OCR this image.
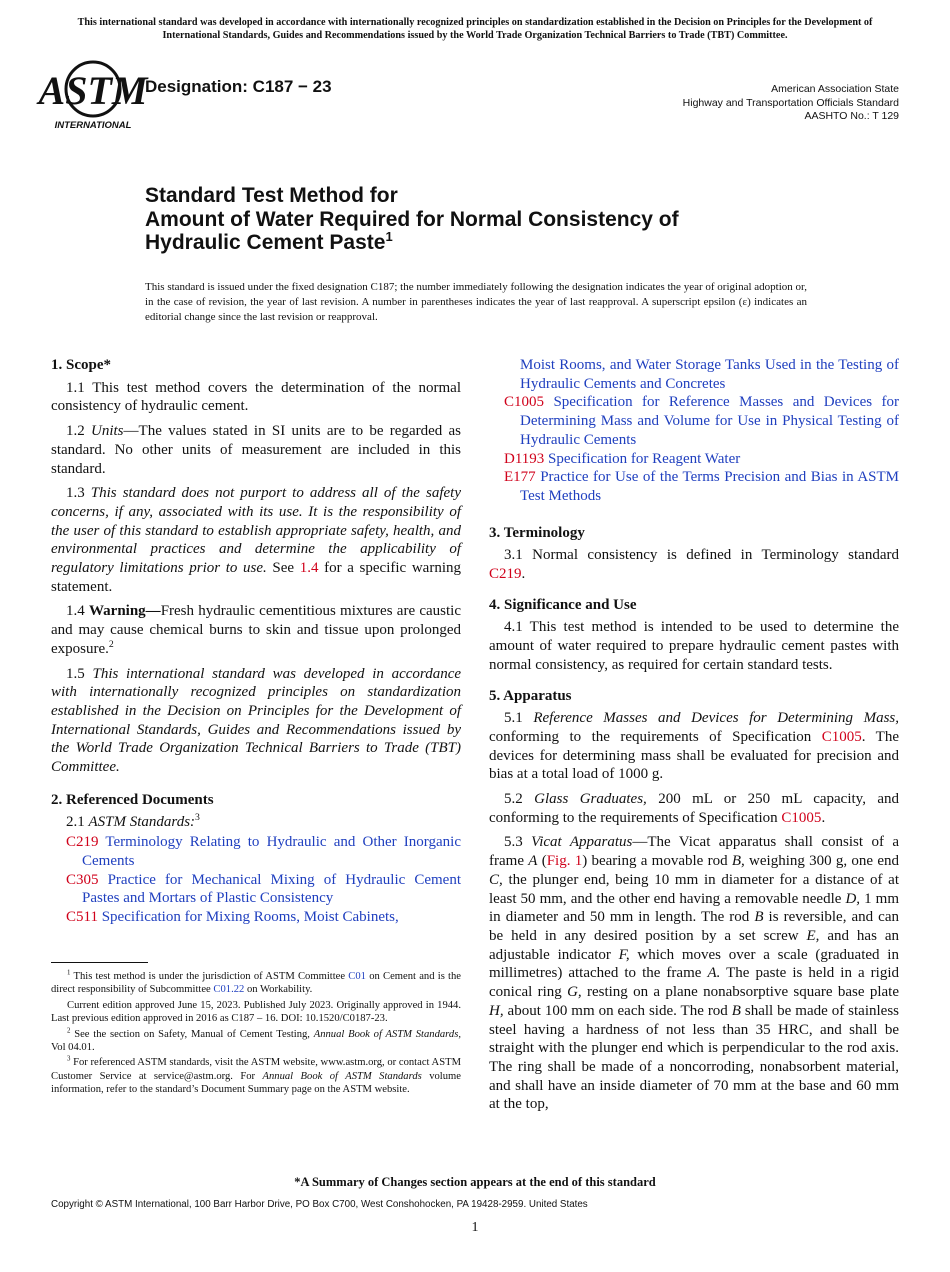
This international standard was developed in accordance with internationally recognized principles on standardization established in the Decision on Principles for the Development of International Standards, Guides and Recommendations issued by the World Trade Organization Technical Barriers to Trade (TBT) Committee.
ASTM
INTERNATIONAL
Designation: C187 − 23	American Association State
Highway and Transportation Officials Standard
AASHTO No.: T 129
Standard Test Method for
Amount of Water Required for Normal Consistency of
Hydraulic Cement Paste$^1$
This standard is issued under the fixed designation C187; the number immediately following the designation indicates the year of original adoption or, in the case of revision, the year of last revision. A number in parentheses indicates the year of last reapproval. A superscript epsilon (ε) indicates an editorial change since the last revision or reapproval.
1. Scope*

1.1 This test method covers the determination of the normal consistency of hydraulic cement.

1.2 Units—The values stated in SI units are to be regarded as standard. No other units of measurement are included in this standard.

1.3 This standard does not purport to address all of the safety concerns, if any, associated with its use. It is the responsibility of the user of this standard to establish appropriate safety, health, and environmental practices and determine the applicability of regulatory limitations prior to use. See 1.4 for a specific warning statement.

1.4 Warning—Fresh hydraulic cementitious mixtures are caustic and may cause chemical burns to skin and tissue upon prolonged exposure.$^2$

1.5 This international standard was developed in accordance with internationally recognized principles on standardization established in the Decision on Principles for the Development of International Standards, Guides and Recommendations issued by the World Trade Organization Technical Barriers to Trade (TBT) Committee.

2. Referenced Documents

2.1 ASTM Standards:$^3$

C219 Terminology Relating to Hydraulic and Other Inorganic Cements
C305 Practice for Mechanical Mixing of Hydraulic Cement Pastes and Mortars of Plastic Consistency
C511 Specification for Mixing Rooms, Moist Cabinets,

$^1$ This test method is under the jurisdiction of ASTM Committee C01 on Cement and is the direct responsibility of Subcommittee C01.22 on Workability.

Current edition approved June 15, 2023. Published July 2023. Originally approved in 1944. Last previous edition approved in 2016 as C187 – 16. DOI: 10.1520/C0187-23.

$^2$ See the section on Safety, Manual of Cement Testing, Annual Book of ASTM Standards, Vol 04.01.

$^3$ For referenced ASTM standards, visit the ASTM website, www.astm.org, or contact ASTM Customer Service at service@astm.org. For Annual Book of ASTM Standards volume information, refer to the standard’s Document Summary page on the ASTM website.

Moist Rooms, and Water Storage Tanks Used in the Testing of Hydraulic Cements and Concretes
C1005 Specification for Reference Masses and Devices for Determining Mass and Volume for Use in Physical Testing of Hydraulic Cements
D1193 Specification for Reagent Water
E177 Practice for Use of the Terms Precision and Bias in ASTM Test Methods
3. Terminology

3.1 Normal consistency is defined in Terminology standard C219.

4. Significance and Use

4.1 This test method is intended to be used to determine the amount of water required to prepare hydraulic cement pastes with normal consistency, as required for certain standard tests.

5. Apparatus

5.1 Reference Masses and Devices for Determining Mass, conforming to the requirements of Specification C1005. The devices for determining mass shall be evaluated for precision and bias at a total load of 1000 g.

5.2 Glass Graduates, 200 mL or 250 mL capacity, and conforming to the requirements of Specification C1005.

5.3 Vicat Apparatus—The Vicat apparatus shall consist of a frame A (Fig. 1) bearing a movable rod B, weighing 300 g, one end C, the plunger end, being 10 mm in diameter for a distance of at least 50 mm, and the other end having a removable needle D, 1 mm in diameter and 50 mm in length. The rod B is reversible, and can be held in any desired position by a set screw E, and has an adjustable indicator F, which moves over a scale (graduated in millimetres) attached to the frame A. The paste is held in a rigid conical ring G, resting on a plane nonabsorptive square base plate H, about 100 mm on each side. The rod B shall be made of stainless steel having a hardness of not less than 35 HRC, and shall be straight with the plunger end which is perpendicular to the rod axis. The ring shall be made of a noncorroding, nonabsorbent material, and shall have an inside diameter of 70 mm at the base and 60 mm at the top,

*A Summary of Changes section appears at the end of this standard
Copyright © ASTM International, 100 Barr Harbor Drive, PO Box C700, West Conshohocken, PA 19428-2959. United States
1
